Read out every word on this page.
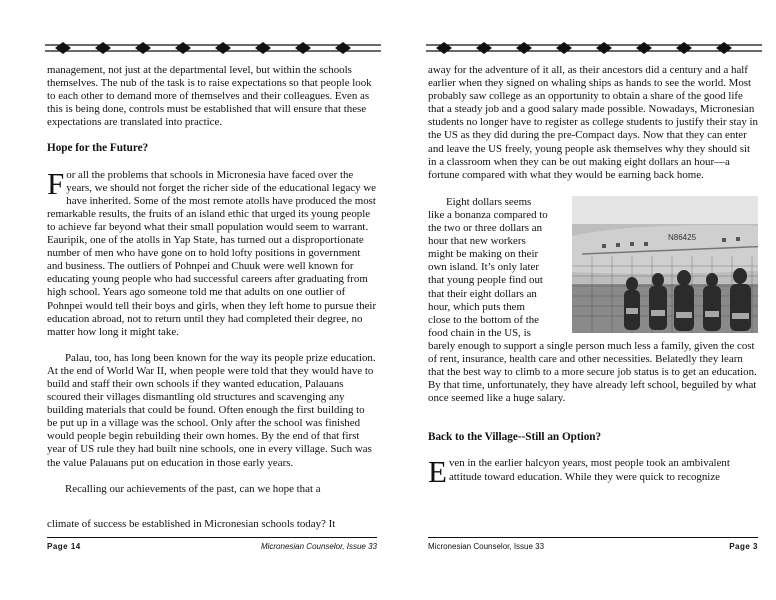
management, not just at the departmental level, but within the schools themselves. The nub of the task is to raise expectations so that people look to each other to demand more of themselves and their colleagues. Even as this is being done, controls must be established that will ensure that these expectations are translated into practice.

Hope for the Future?

For all the problems that schools in Micronesia have faced over the years, we should not forget the richer side of the educational legacy we have inherited. Some of the most remote atolls have produced the most remarkable results, the fruits of an island ethic that urged its young people to achieve far beyond what their small population would seem to warrant. Eauripik, one of the atolls in Yap State, has turned out a disproportionate number of men who have gone on to hold lofty positions in government and business. The outliers of Pohnpei and Chuuk were well known for educating young people who had successful careers after graduating from high school. Years ago someone told me that adults on one outlier of Pohnpei would tell their boys and girls, when they left home to pursue their education abroad, not to return until they had completed their degree, no matter how long it might take.

Palau, too, has long been known for the way its people prize education. At the end of World War II, when people were told that they would have to build and staff their own schools if they wanted education, Palauans scoured their villages dismantling old structures and scavenging any building materials that could be found. Often enough the first building to be put up in a village was the school. Only after the school was finished would people begin rebuilding their own homes. By the end of that first year of US rule they had built nine schools, one in every village. Such was the value Palauans put on education in those early years.

Recalling our achievements of the past, can we hope that a

climate of success be established in Micronesian schools today? It

Page 14	Micronesian Counselor, Issue 33

away for the adventure of it all, as their ancestors did a century and a half earlier when they signed on whaling ships as hands to see the world. Most probably saw college as an opportunity to obtain a share of the good life that a steady job and a good salary made possible. Nowadays, Micronesian students no longer have to register as college students to justify their stay in the US as they did during the pre-Compact days. Now that they can enter and leave the US freely, young people ask themselves why they should sit in a classroom when they can be out making eight dollars an hour—a fortune compared with what they would be earning back home.

N86425
Eight dollars seems like a bonanza compared to the two or three dollars an hour that new workers might be making on their own island. It’s only later that young people find out that their eight dollars an hour, which puts them close to the bottom of the food chain in the US, is barely enough to support a single person much less a family, given the cost of rent, insurance, health care and other necessities. Belatedly they learn that the best way to climb to a more secure job status is to get an education. By that time, unfortunately, they have already left school, beguiled by what once seemed like a huge salary.

Back to the Village--Still an Option?

Even in the earlier halcyon years, most people took an ambivalent attitude toward education. While they were quick to recognize

Micronesian Counselor, Issue 33	Page 3
